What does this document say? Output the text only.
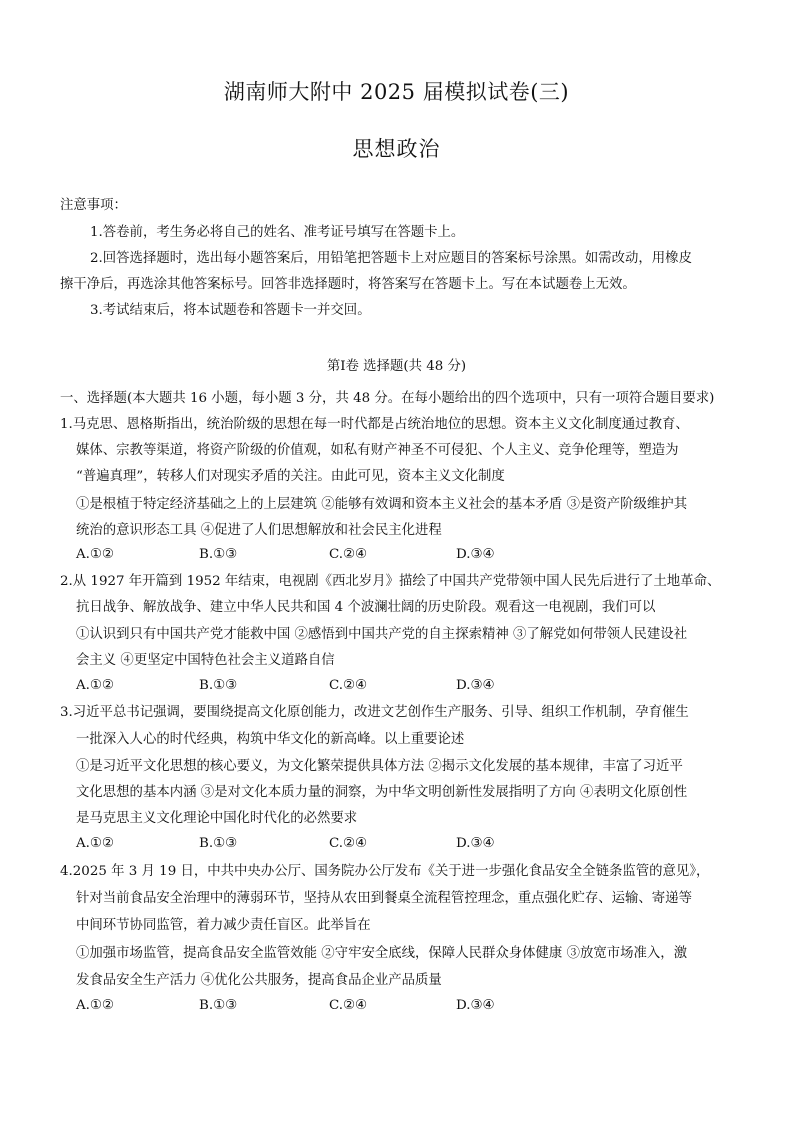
湖南师大附中 2025 届模拟试卷(三)
思想政治
注意事项：
1.答卷前，考生务必将自己的姓名、准考证号填写在答题卡上。
2.回答选择题时，选出每小题答案后，用铅笔把答题卡上对应题目的答案标号涂黑。如需改动，用橡皮
擦干净后，再选涂其他答案标号。回答非选择题时，将答案写在答题卡上。写在本试题卷上无效。
3.考试结束后，将本试题卷和答题卡一并交回。
第Ⅰ卷 选择题(共 48 分)
一、选择题(本大题共 16 小题，每小题 3 分，共 48 分。在每小题给出的四个选项中，只有一项符合题目要求)
1.马克思、恩格斯指出，统治阶级的思想在每一时代都是占统治地位的思想。资本主义文化制度通过教育、
媒体、宗教等渠道，将资产阶级的价值观，如私有财产神圣不可侵犯、个人主义、竞争伦理等，塑造为
“普遍真理”，转移人们对现实矛盾的关注。由此可见，资本主义文化制度
①是根植于特定经济基础之上的上层建筑 ②能够有效调和资本主义社会的基本矛盾 ③是资产阶级维护其
统治的意识形态工具 ④促进了人们思想解放和社会民主化进程
A.①②	B.①③	C.②④	D.③④
2.从 1927 年开篇到 1952 年结束，电视剧《西北岁月》描绘了中国共产党带领中国人民先后进行了土地革命、
抗日战争、解放战争、建立中华人民共和国 4 个波澜壮阔的历史阶段。观看这一电视剧，我们可以
①认识到只有中国共产党才能救中国 ②感悟到中国共产党的自主探索精神 ③了解党如何带领人民建设社
会主义 ④更坚定中国特色社会主义道路自信
A.①②	B.①③	C.②④	D.③④
3.习近平总书记强调，要围绕提高文化原创能力，改进文艺创作生产服务、引导、组织工作机制，孕育催生
一批深入人心的时代经典，构筑中华文化的新高峰。以上重要论述
①是习近平文化思想的核心要义，为文化繁荣提供具体方法 ②揭示文化发展的基本规律，丰富了习近平
文化思想的基本内涵 ③是对文化本质力量的洞察，为中华文明创新性发展指明了方向 ④表明文化原创性
是马克思主义文化理论中国化时代化的必然要求
A.①②	B.①③	C.②④	D.③④
4.2025 年 3 月 19 日，中共中央办公厅、国务院办公厅发布《关于进一步强化食品安全全链条监管的意见》，
针对当前食品安全治理中的薄弱环节，坚持从农田到餐桌全流程管控理念，重点强化贮存、运输、寄递等
中间环节协同监管，着力减少责任盲区。此举旨在
①加强市场监管，提高食品安全监管效能 ②守牢安全底线，保障人民群众身体健康 ③放宽市场准入，激
发食品安全生产活力 ④优化公共服务，提高食品企业产品质量
A.①②	B.①③	C.②④	D.③④
